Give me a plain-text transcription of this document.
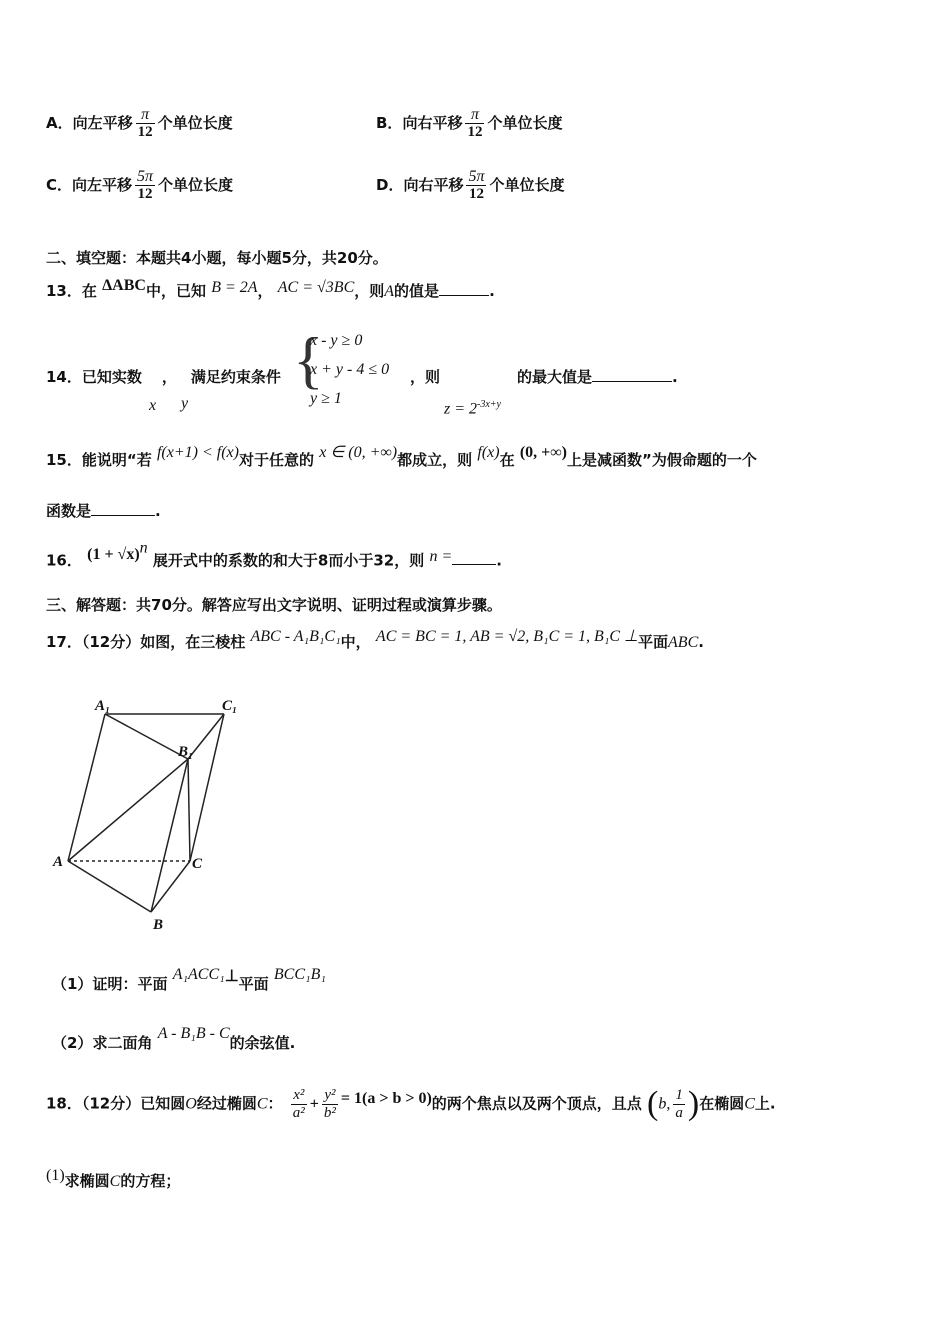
A．向左平移 $\frac{\pi}{12}$ 个单位长度	B．向右平移 $\frac{\pi}{12}$ 个单位长度
C．向左平移 $\frac{5\pi}{12}$ 个单位长度	D．向右平移 $\frac{5\pi}{12}$ 个单位长度
二、填空题：本题共4小题，每小题5分，共20分。
13．在 ΔABC中，已知 B = 2A， AC = √3BC，则A的值是	.
14．已知实数 ， 满足约束条件
x y
{
x - y ≥ 0
x + y - 4 ≤ 0
y ≥ 1
，则
$z = 2^{-3x+y}$
的最大值是	.
15．能说明“若 f(x+1) < f(x)对于任意的 x ∈ (0, +∞)都成立，则 f(x)在 (0, +∞)上是减函数”为假命题的一个
函数是	.
16． $(1 + √x)^n$ 展开式中的系数的和大于8而小于32，则 n =	.
三、解答题：共70分。解答应写出文字说明、证明过程或演算步骤。
17．（12分）如图，在三棱柱 ABC - A₁B₁C₁中， AC = BC = 1, AB = √2, B₁C = 1, B₁C ⊥平面ABC.
A₁	C₁
B₁
A	C
B
（1）证明：平面 A₁ACC₁⊥平面 BCC₁B₁
（2）求二面角 A - B₁B - C的余弦值.
18．（12分）已知圆O经过椭圆C： $\frac{\text{x²}}{\text{a²}} + \frac{\text{y²}}{\text{b²}} = 1(a > b > 0)$的两个焦点以及两个顶点，且点 (b, $\frac{1}{a}$ )在椭圆C上.
(1)求椭圆C的方程；
